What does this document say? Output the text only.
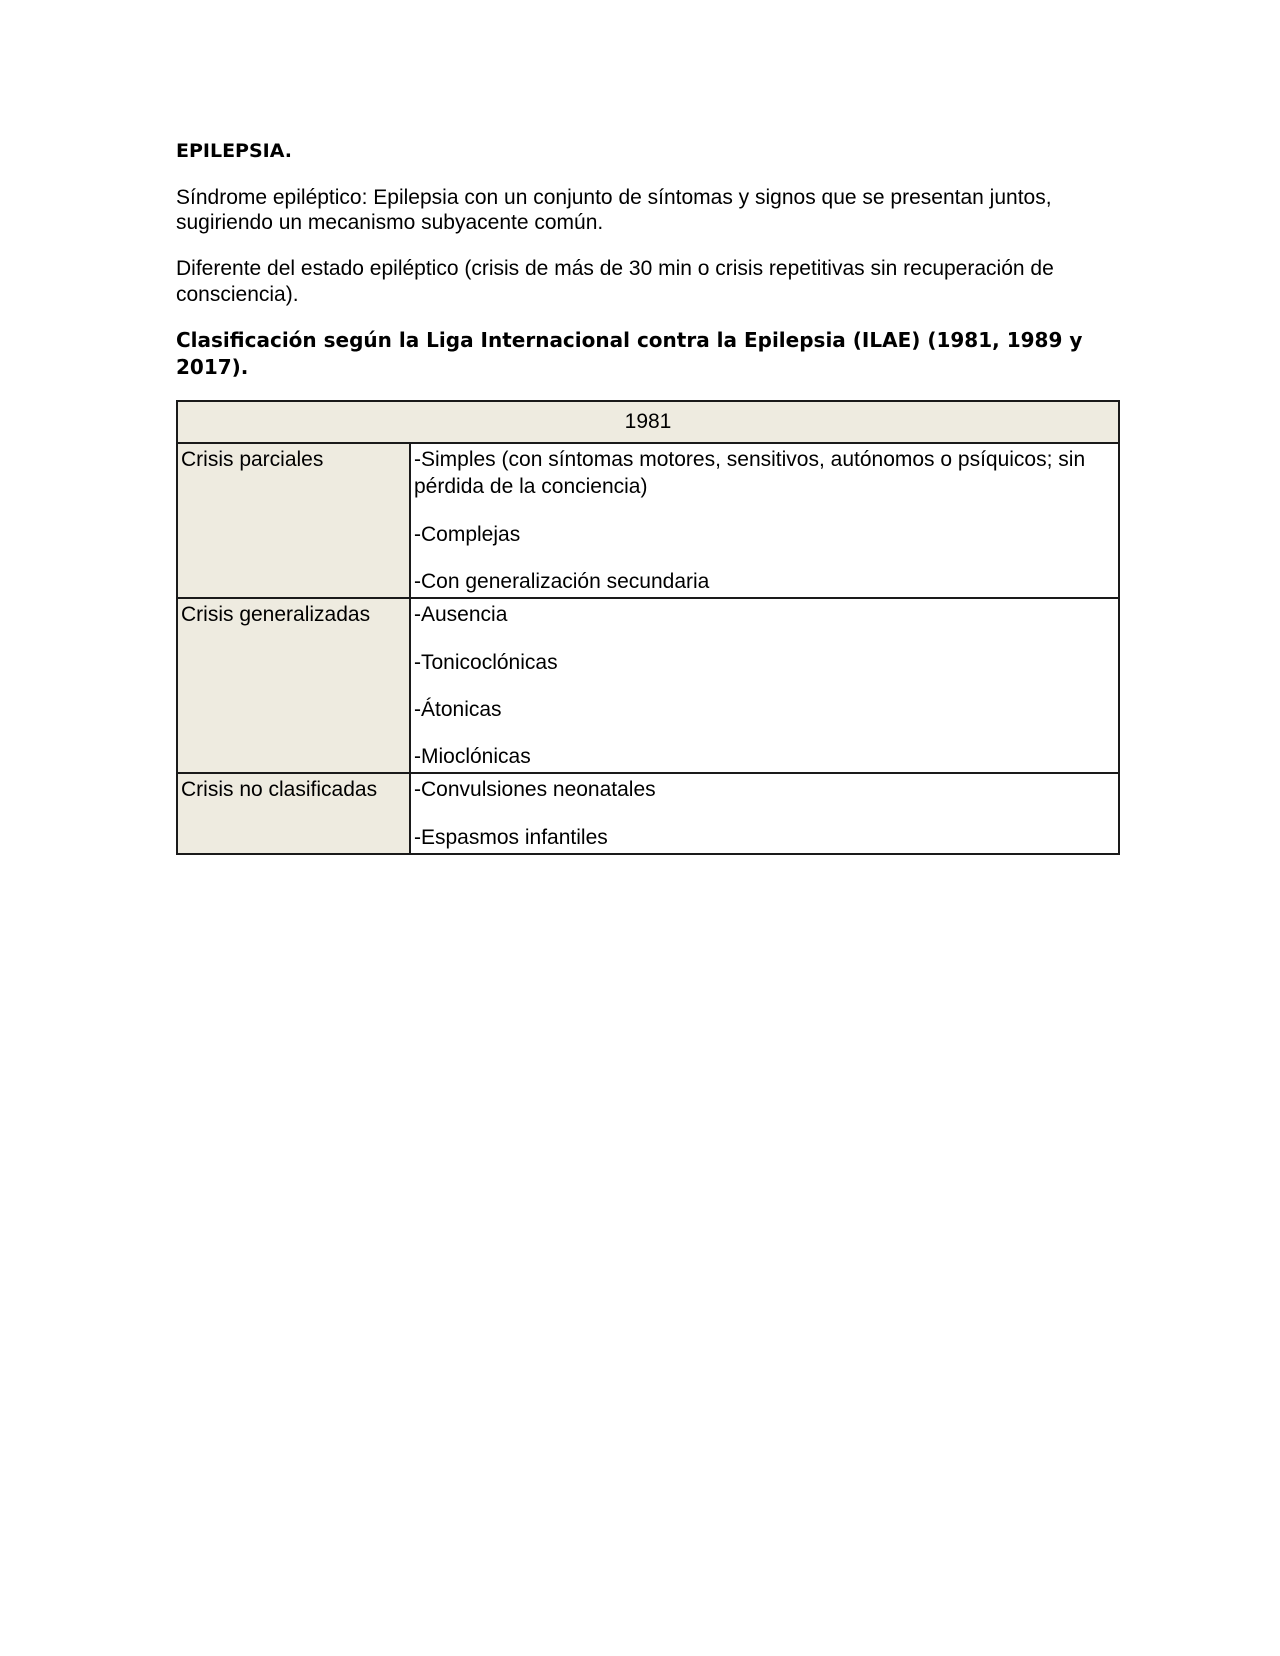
EPILEPSIA.

Síndrome epiléptico: Epilepsia con un conjunto de síntomas y signos que se presentan juntos, sugiriendo un mecanismo subyacente común.

Diferente del estado epiléptico (crisis de más de 30 min o crisis repetitivas sin recuperación de consciencia).

Clasificación según la Liga Internacional contra la Epilepsia (ILAE) (1981, 1989 y 2017).

1981	
Crisis parciales	-Simples (con síntomas motores, sensitivos, autónomos o psíquicos; sin pérdida de la conciencia)
-Complejas
-Con generalización secundaria

Crisis generalizadas	-Ausencia
-Tonicoclónicas
-Átonicas
-Mioclónicas

Crisis no clasificadas	-Convulsiones neonatales
-Espasmos infantiles
